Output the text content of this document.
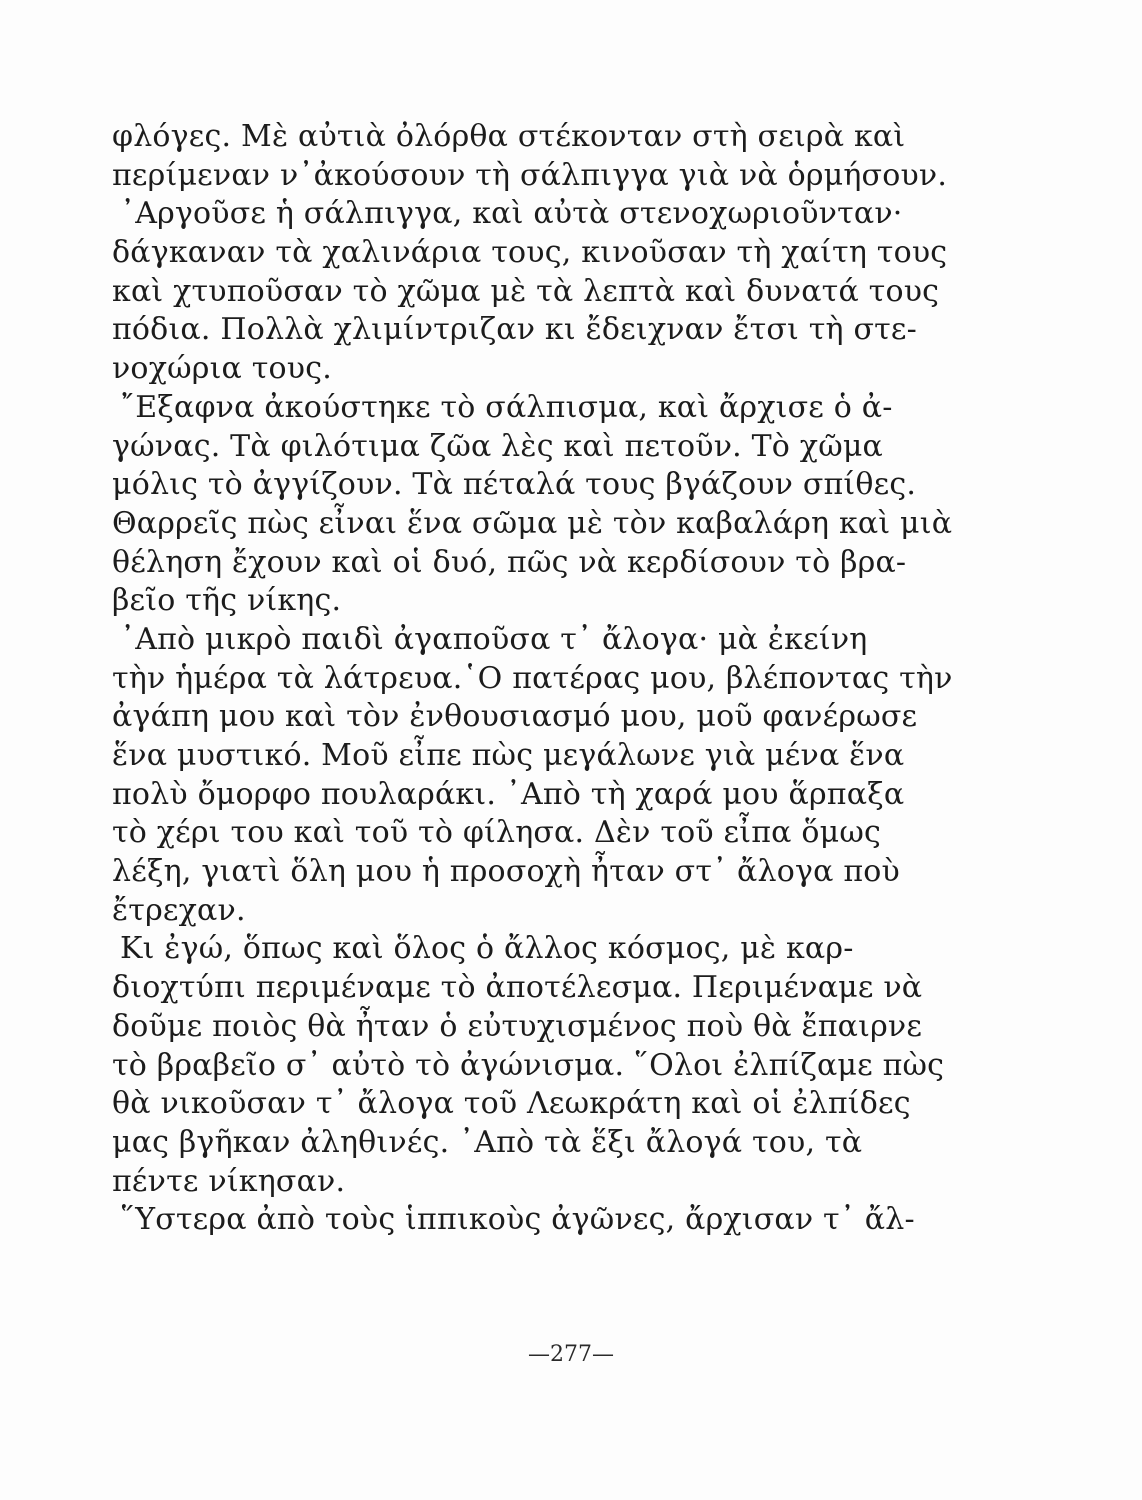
φλόγες. Μὲ αὐτιὰ ὀλόρθα στέκονταν στὴ σειρὰ καὶ
περίμεναν ν᾽ἀκούσουν τὴ σάλπιγγα γιὰ νὰ ὁρμήσουν.
᾽Αργοῦσε ἡ σάλπιγγα, καὶ αὐτὰ στενοχωριοῦνταν·
δάγκαναν τὰ χαλινάρια τους, κινοῦσαν τὴ χαίτη τους
καὶ χτυποῦσαν τὸ χῶμα μὲ τὰ λεπτὰ καὶ δυνατά τους
πόδια. Πολλὰ χλιμίντριζαν κι ἔδειχναν ἔτσι τὴ στε-
νοχώρια τους.
῎Εξαφνα ἀκούστηκε τὸ σάλπισμα, καὶ ἄρχισε ὁ ἀ-
γώνας. Τὰ φιλότιμα ζῶα λὲς καὶ πετοῦν. Τὸ χῶμα
μόλις τὸ ἀγγίζουν. Τὰ πέταλά τους βγάζουν σπίθες.
Θαρρεῖς πὼς εἶναι ἕνα σῶμα μὲ τὸν καβαλάρη καὶ μιὰ
θέληση ἔχουν καὶ οἱ δυό, πῶς νὰ κερδίσουν τὸ βρα-
βεῖο τῆς νίκης.
᾽Απὸ μικρὸ παιδὶ ἀγαποῦσα τ᾽ ἄλογα· μὰ ἐκείνη
τὴν ἡμέρα τὰ λάτρευα.῾Ο πατέρας μου, βλέποντας τὴν
ἀγάπη μου καὶ τὸν ἐνθουσιασμό μου, μοῦ φανέρωσε
ἕνα μυστικό. Μοῦ εἶπε πὼς μεγάλωνε γιὰ μένα ἕνα
πολὺ ὄμορφο πουλαράκι. ᾽Απὸ τὴ χαρά μου ἅρπαξα
τὸ χέρι του καὶ τοῦ τὸ φίλησα. Δὲν τοῦ εἶπα ὅμως
λέξη, γιατὶ ὅλη μου ἡ προσοχὴ ἦταν στ᾽ ἄλογα ποὺ
ἔτρεχαν.
Κι ἐγώ, ὅπως καὶ ὅλος ὁ ἄλλος κόσμος, μὲ καρ-
διοχτύπι περιμέναμε τὸ ἀποτέλεσμα. Περιμέναμε νὰ
δοῦμε ποιὸς θὰ ἦταν ὁ εὐτυχισμένος ποὺ θὰ ἔπαιρνε
τὸ βραβεῖο σ᾽ αὐτὸ τὸ ἀγώνισμα. ῞Ολοι ἐλπίζαμε πὼς
θὰ νικοῦσαν τ᾽ ἄλογα τοῦ Λεωκράτη καὶ οἱ ἐλπίδες
μας βγῆκαν ἀληθινές. ᾽Απὸ τὰ ἕξι ἄλογά του, τὰ
πέντε νίκησαν.
῞Υστερα ἀπὸ τοὺς ἱππικοὺς ἀγῶνες, ἄρχισαν τ᾽ ἄλ-
—277—
